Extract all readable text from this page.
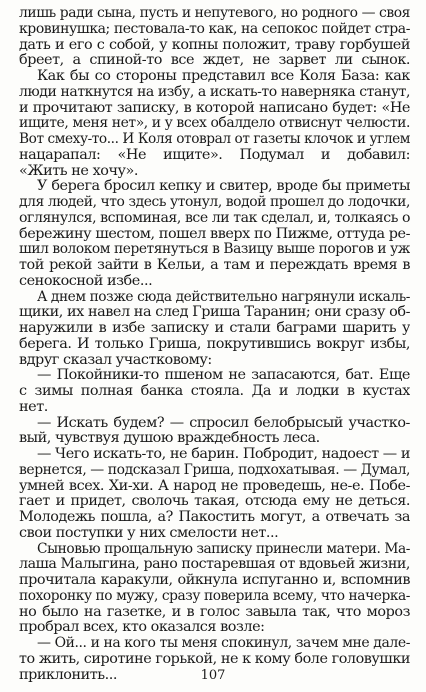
лишь ради сына, пусть и непутевого, но родного — своя
кровинушка; пестовала-то как, на сепокос пойдет стра-
дать и его с собой, у копны положит, траву горбушей
бреет, а спиной-то все ждет, не зарвет ли сынок.
Как бы со стороны представил все Коля База: как
люди наткнутся на избу, а искать-то наверняка станут,
и прочитают записку, в которой написано будет: «Не
ищите, меня нет», и у всех обалдело отвиснут челюсти.
Вот смеху-то... И Коля отоврал от газеты клочок и углем
нацарапал: «Не ищите». Подумал и добавил:
«Жить не хочу».
У берега бросил кепку и свитер, вроде бы приметы
для людей, что здесь утонул, водой прошел до лодочки,
оглянулся, вспоминая, все ли так сделал, и, толкаясь о
бережину шестом, пошел вверх по Пижме, оттуда ре-
шил волоком перетянуться в Вазицу выше порогов и уж
той рекой зайти в Кельи, а там и переждать время в
сенокосной избе...
А днем позже сюда действительно нагрянули искаль-
щики, их навел на след Гриша Таранин; они сразу об-
наружили в избе записку и стали баграми шарить у
берега. И только Гриша, покрутившись вокруг избы,
вдруг сказал участковому:
— Покойники-то пшеном не запасаются, бат. Еще
с зимы полная банка стояла. Да и лодки в кустах
нет.
— Искать будем? — спросил белобрысый участко-
вый, чувствуя душою враждебность леса.
— Чего искать-то, не барин. Побродит, надоест — и
вернется, — подсказал Гриша, подхохатывая. — Думал,
умней всех. Хи-хи. А народ не проведешь, не-е. Побе-
гает и придет, сволочь такая, отсюда ему не деться.
Молодежь пошла, а? Пакостить могут, а отвечать за
свои поступки у них смелости нет...
Сыновью прощальную записку принесли матери. Ма-
лаша Малыгина, рано постаревшая от вдовьей жизни,
прочитала каракули, ойкнула испуганно и, вспомнив
похоронку по мужу, сразу поверила всему, что начерка-
но было на газетке, и в голос завыла так, что мороз
пробрал всех, кто оказался возле:
— Ой... и на кого ты меня спокинул, зачем мне дале-
то жить, сиротине горькой, не к кому боле головушки
приклонить...	107
